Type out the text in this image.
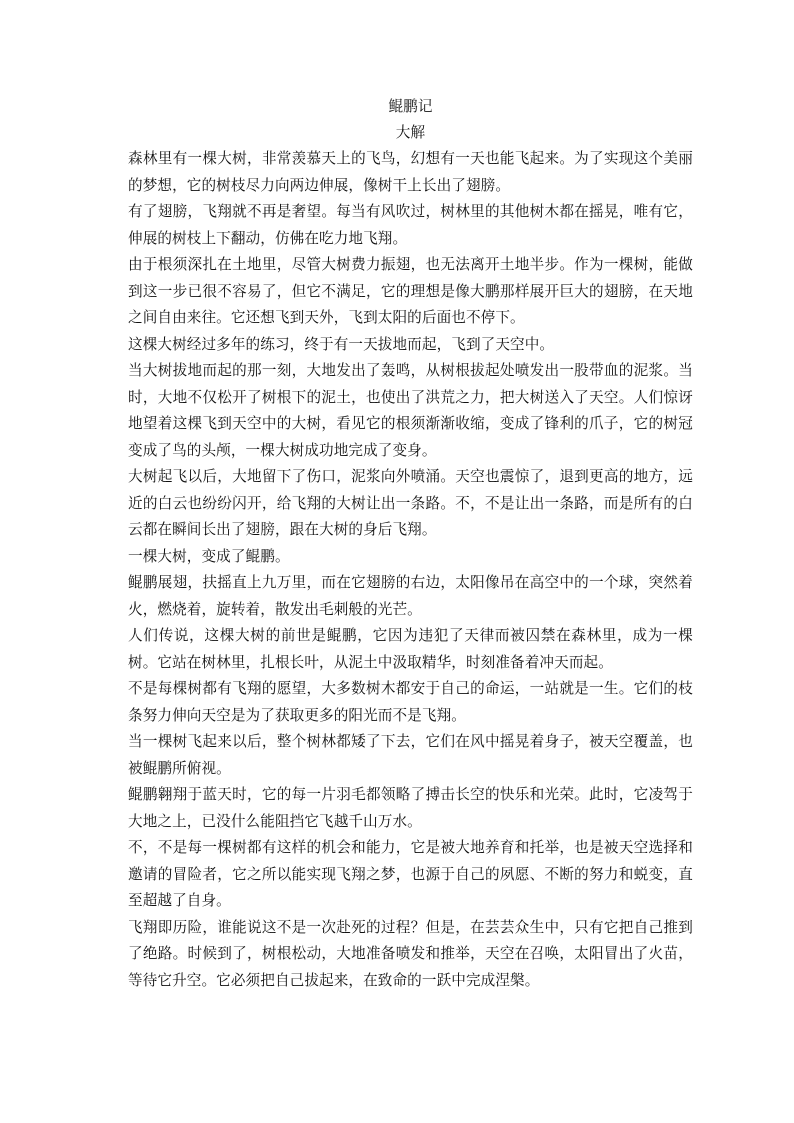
鲲鹏记
大解

森林里有一棵大树，非常羡慕天上的飞鸟，幻想有一天也能飞起来。为了实现这个美丽的梦想，它的树枝尽力向两边伸展，像树干上长出了翅膀。

有了翅膀，飞翔就不再是奢望。每当有风吹过，树林里的其他树木都在摇晃，唯有它，伸展的树枝上下翻动，仿佛在吃力地飞翔。

由于根须深扎在土地里，尽管大树费力振翅，也无法离开土地半步。作为一棵树，能做到这一步已很不容易了，但它不满足，它的理想是像大鹏那样展开巨大的翅膀，在天地之间自由来往。它还想飞到天外，飞到太阳的后面也不停下。

这棵大树经过多年的练习，终于有一天拔地而起，飞到了天空中。

当大树拔地而起的那一刻，大地发出了轰鸣，从树根拔起处喷发出一股带血的泥浆。当时，大地不仅松开了树根下的泥土，也使出了洪荒之力，把大树送入了天空。人们惊讶地望着这棵飞到天空中的大树，看见它的根须渐渐收缩，变成了锋利的爪子，它的树冠变成了鸟的头颅，一棵大树成功地完成了变身。

大树起飞以后，大地留下了伤口，泥浆向外喷涌。天空也震惊了，退到更高的地方，远近的白云也纷纷闪开，给飞翔的大树让出一条路。不，不是让出一条路，而是所有的白云都在瞬间长出了翅膀，跟在大树的身后飞翔。

一棵大树，变成了鲲鹏。

鲲鹏展翅，扶摇直上九万里，而在它翅膀的右边，太阳像吊在高空中的一个球，突然着火，燃烧着，旋转着，散发出毛刺般的光芒。

人们传说，这棵大树的前世是鲲鹏，它因为违犯了天律而被囚禁在森林里，成为一棵树。它站在树林里，扎根长叶，从泥土中汲取精华，时刻准备着冲天而起。

不是每棵树都有飞翔的愿望，大多数树木都安于自己的命运，一站就是一生。它们的枝条努力伸向天空是为了获取更多的阳光而不是飞翔。

当一棵树飞起来以后，整个树林都矮了下去，它们在风中摇晃着身子，被天空覆盖，也被鲲鹏所俯视。

鲲鹏翱翔于蓝天时，它的每一片羽毛都领略了搏击长空的快乐和光荣。此时，它凌驾于大地之上，已没什么能阻挡它飞越千山万水。

不，不是每一棵树都有这样的机会和能力，它是被大地养育和托举，也是被天空选择和邀请的冒险者，它之所以能实现飞翔之梦，也源于自己的夙愿、不断的努力和蜕变，直至超越了自身。

飞翔即历险，谁能说这不是一次赴死的过程？但是，在芸芸众生中，只有它把自己推到了绝路。时候到了，树根松动，大地准备喷发和推举，天空在召唤，太阳冒出了火苗，等待它升空。它必须把自己拔起来，在致命的一跃中完成涅槃。
